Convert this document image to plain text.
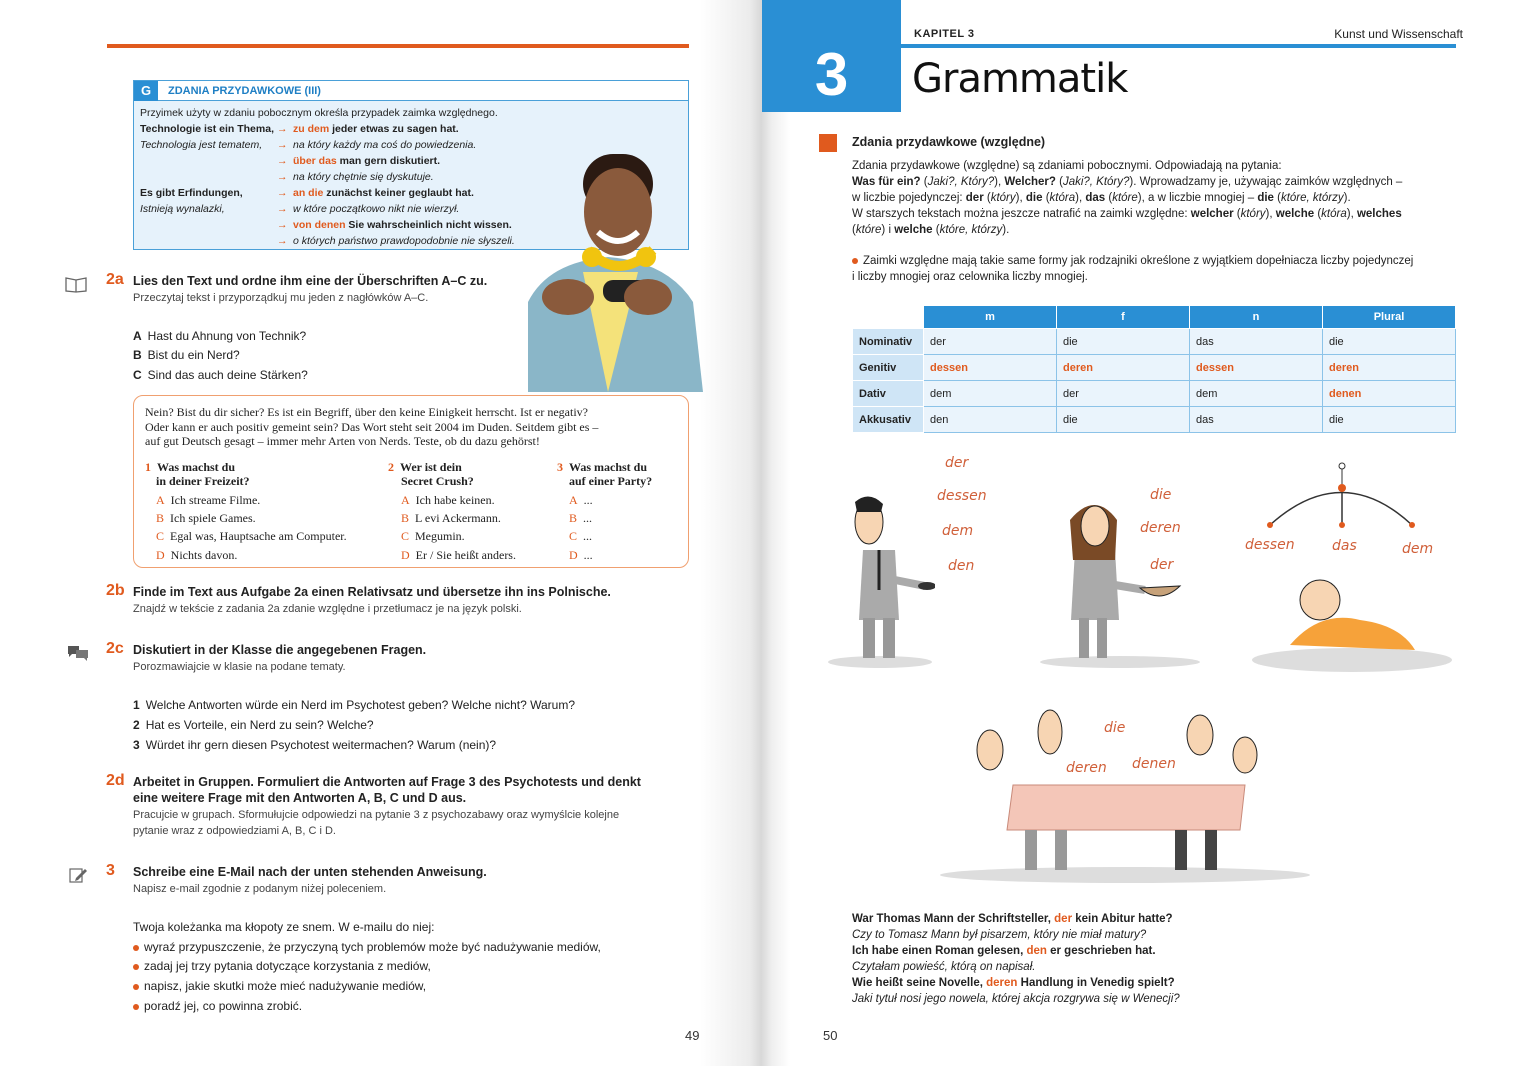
Kunst und Wissenschaft
G	ZDANIA PRZYDAWKOWE (III)
Przyimek użyty w zdaniu pobocznym określa przypadek zaimka względnego.
Technologie ist ein Thema, → zu dem jeder etwas zu sagen hat.
Technologia jest tematem, → na który każdy ma coś do powiedzenia.
→ über das man gern diskutiert.
→ na który chętnie się dyskutuje.
Es gibt Erfindungen,	→ an die zunächst keiner geglaubt hat.
Istnieją wynalazki,	→ w które początkowo nikt nie wierzył.
→ von denen Sie wahrscheinlich nicht wissen.
→ o których państwo prawdopodobnie nie słyszeli.
2a Lies den Text und ordne ihm eine der Überschriften A–C zu.
Przeczytaj tekst i przyporządkuj mu jeden z nagłówków A–C.
A Hast du Ahnung von Technik?
B Bist du ein Nerd?
C Sind das auch deine Stärken?
Nein? Bist du dir sicher? Es ist ein Begriff, über den keine Einigkeit herrscht. Ist er negativ?
Oder kann er auch positiv gemeint sein? Das Wort steht seit 2004 im Duden. Seitdem gibt es –
auf gut Deutsch gesagt – immer mehr Arten von Nerds. Teste, ob du dazu gehörst!
1 Was machst du
in deiner Freizeit?
A Ich streame Filme.
B Ich spiele Games.
C Egal was, Hauptsache am Computer.
D Nichts davon.
2 Wer ist dein
Secret Crush?
A Ich habe keinen.
B L evi Ackermann.
C Megumin.
D Er / Sie heißt anders.
3 Was machst du
auf einer Party?
A ...
B ...
C ...
D ...
2b Finde im Text aus Aufgabe 2a einen Relativsatz und übersetze ihn ins Polnische.
Znajdź w tekście z zadania 2a zdanie względne i przetłumacz je na język polski.
2c Diskutiert in der Klasse die angegebenen Fragen.
Porozmawiajcie w klasie na podane tematy.
1 Welche Antworten würde ein Nerd im Psychotest geben? Welche nicht? Warum?
2 Hat es Vorteile, ein Nerd zu sein? Welche?
3 Würdet ihr gern diesen Psychotest weitermachen? Warum (nein)?
2d Arbeitet in Gruppen. Formuliert die Antworten auf Frage 3 des Psychotests und denkt
eine weitere Frage mit den Antworten A, B, C und D aus.
Pracujcie w grupach. Sformułujcie odpowiedzi na pytanie 3 z psychozabawy oraz wymyślcie kolejne
pytanie wraz z odpowiedziami A, B, C i D.
3 Schreibe eine E-Mail nach der unten stehenden Anweisung.
Napisz e-mail zgodnie z podanym niżej poleceniem.
Twoja koleżanka ma kłopoty ze snem. W e-mailu do niej:
wyraź przypuszczenie, że przyczyną tych problemów może być nadużywanie mediów,
zadaj jej trzy pytania dotyczące korzystania z mediów,
napisz, jakie skutki może mieć nadużywanie mediów,
poradź jej, co powinna zrobić.
49
3
KAPITEL 3
Grammatik
Zdania przydawkowe (względne)
Zdania przydawkowe (względne) są zdaniami pobocznymi. Odpowiadają na pytania:
Was für ein? (Jaki?, Który?), Welcher? (Jaki?, Który?). Wprowadzamy je, używając zaimków względnych –
w liczbie pojedynczej: der (który), die (która), das (które), a w liczbie mnogiej – die (które, którzy).
W starszych tekstach można jeszcze natrafić na zaimki względne: welcher (który), welche (która), welches
(które) i welche (które, którzy).
Zaimki względne mają takie same formy jak rodzajniki określone z wyjątkiem dopełniacza liczby pojedynczej
i liczby mnogiej oraz celownika liczby mnogiej.
	m	f	n	Plural
Nominativ	der	die	das	die
Genitiv	dessen	deren	dessen	deren
Dativ	dem	der	dem	denen
Akkusativ	den	die	das	die
der
dessen
dem
den
die
deren
der
dessen	das	dem
die
deren denen
War Thomas Mann der Schriftsteller, der kein Abitur hatte?
Czy to Tomasz Mann był pisarzem, który nie miał matury?
Ich habe einen Roman gelesen, den er geschrieben hat.
Czytałam powieść, którą on napisał.
Wie heißt seine Novelle, deren Handlung in Venedig spielt?
Jaki tytuł nosi jego nowela, której akcja rozgrywa się w Wenecji?
50
